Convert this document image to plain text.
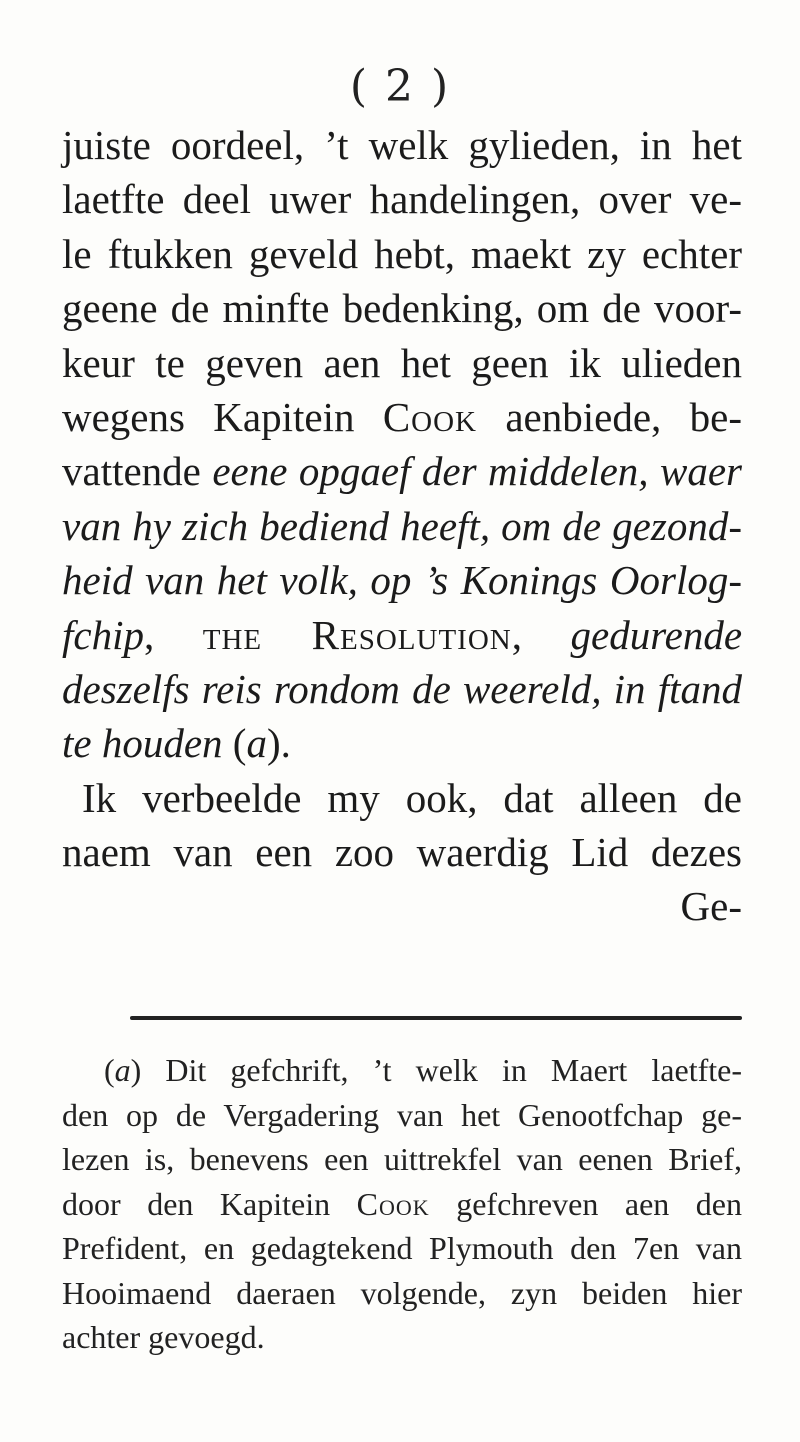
( 2 )
juiste oordeel, ’t welk gylieden, in het
laetfte deel uwer handelingen, over ve-
le ftukken geveld hebt, maekt zy echter
geene de minfte bedenking, om de voor-
keur te geven aen het geen ik ulieden
wegens Kapitein Cook aenbiede, be-
vattende eene opgaef der middelen, waer
van hy zich bediend heeft, om de gezond-
heid van het volk, op ’s Konings Oorlog-
fchip, the Resolution, gedurende
deszelfs reis rondom de weereld, in ftand
te houden (a).
Ik verbeelde my ook, dat alleen de
naem van een zoo waerdig Lid dezes
Ge-
(a) Dit gefchrift, ’t welk in Maert laetfte-
den op de Vergadering van het Genootfchap ge-
lezen is, benevens een uittrekfel van eenen Brief,
door den Kapitein Cook gefchreven aen den
Prefident, en gedagtekend Plymouth den 7en van
Hooimaend daeraen volgende, zyn beiden hier
achter gevoegd.
